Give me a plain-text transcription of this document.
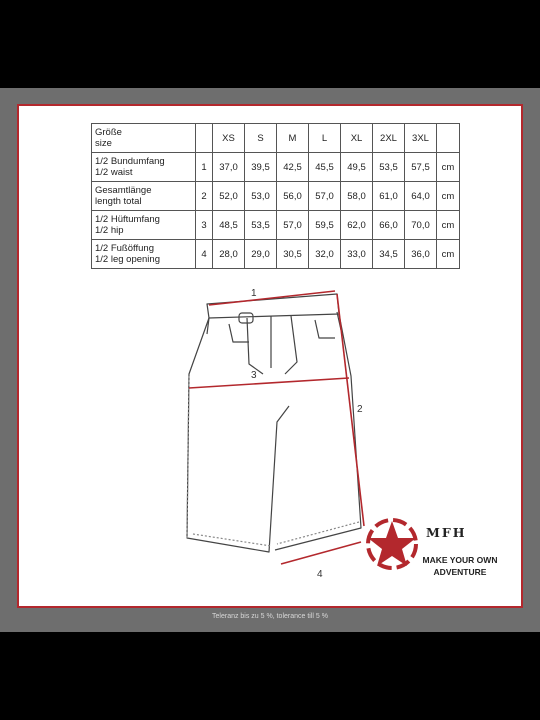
Größe
size		XS	S	M	L	XL	2XL	3XL	
1/2 Bundumfang
1/2 waist	1	37,0	39,5	42,5	45,5	49,5	53,5	57,5	cm
Gesamtlänge
length total	2	52,0	53,0	56,0	57,0	58,0	61,0	64,0	cm
1/2 Hüftumfang
1/2 hip	3	48,5	53,5	57,0	59,5	62,0	66,0	70,0	cm
1/2 Fußöffung
1/2 leg opening	4	28,0	29,0	30,5	32,0	33,0	34,5	36,0	cm
1
2
3
4
MFH
MAKE YOUR OWN
ADVENTURE
Teleranz bis zu 5 %, tolerance till 5 %
